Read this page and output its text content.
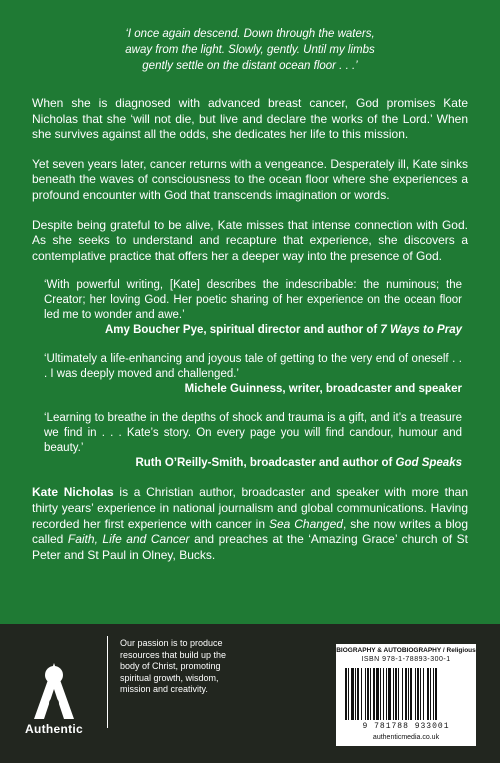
‘I once again descend. Down through the waters,
away from the light. Slowly, gently. Until my limbs
gently settle on the distant ocean floor . . .’

When she is diagnosed with advanced breast cancer, God promises Kate Nicholas that she ‘will not die, but live and declare the works of the Lord.’ When she survives against all the odds, she dedicates her life to this mission.

Yet seven years later, cancer returns with a vengeance. Desperately ill, Kate sinks beneath the waves of consciousness to the ocean floor where she experiences a profound encounter with God that transcends imagination or words.

Despite being grateful to be alive, Kate misses that intense connection with God. As she seeks to understand and recapture that experience, she discovers a contemplative practice that offers her a deeper way into the presence of God.

‘With powerful writing, [Kate] describes the indescribable: the numinous; the Creator; her loving God. Her poetic sharing of her experience on the ocean floor led me to wonder and awe.’
Amy Boucher Pye, spiritual director and author of 7 Ways to Pray
‘Ultimately a life-enhancing and joyous tale of getting to the very end of oneself . . . I was deeply moved and challenged.’
Michele Guinness, writer, broadcaster and speaker
‘Learning to breathe in the depths of shock and trauma is a gift, and it’s a treasure we find in . . . Kate’s story. On every page you will find candour, humour and beauty.’
Ruth O’Reilly-Smith, broadcaster and author of God Speaks

Kate Nicholas is a Christian author, broadcaster and speaker with more than thirty years’ experience in national journalism and global communications. Having recorded her first experience with cancer in Sea Changed, she now writes a blog called Faith, Life and Cancer and preaches at the ‘Amazing Grace’ church of St Peter and St Paul in Olney, Bucks.

Authentic
Our passion is to produce resources that build up the body of Christ, promoting spiritual growth, wisdom, mission and creativity.
BIOGRAPHY & AUTOBIOGRAPHY / Religious
ISBN 978-1-78893-300-1
9 781788 933001
authenticmedia.co.uk
